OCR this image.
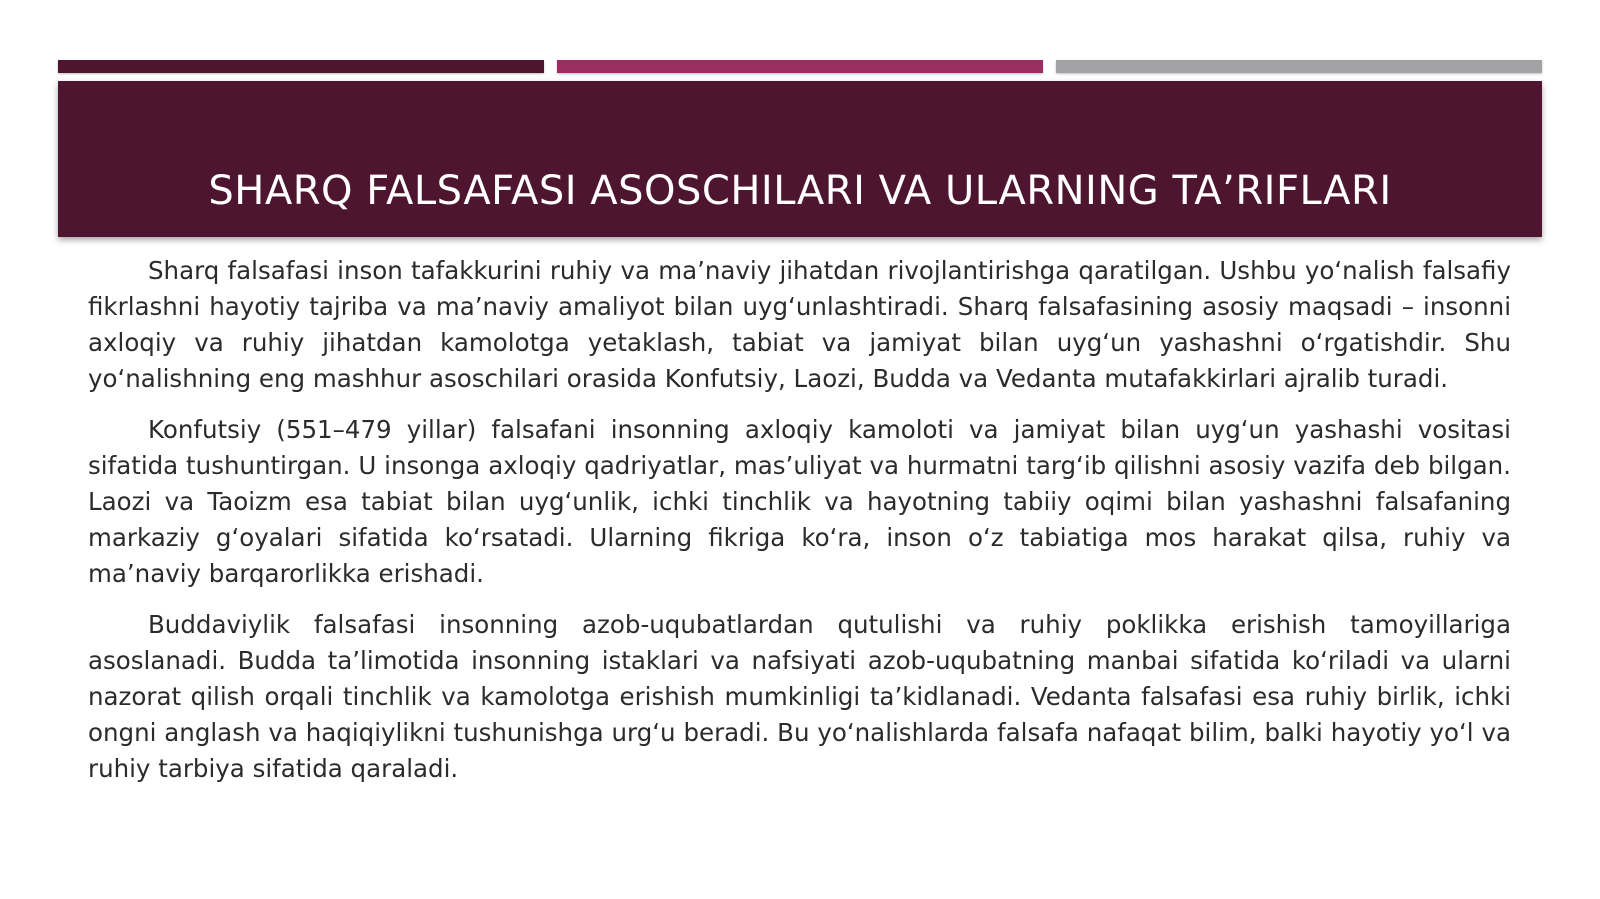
SHARQ FALSAFASI ASOSCHILARI VA ULARNING TA’RIFLARI

Sharq falsafasi inson tafakkurini ruhiy va ma’naviy jihatdan rivojlantirishga qaratilgan. Ushbu yo‘nalish falsafiy fikrlashni hayotiy tajriba va ma’naviy amaliyot bilan uyg‘unlashtiradi. Sharq falsafasining asosiy maqsadi – insonni axloqiy va ruhiy jihatdan kamolotga yetaklash, tabiat va jamiyat bilan uyg‘un yashashni o‘rgatishdir. Shu yo‘nalishning eng mashhur asoschilari orasida Konfutsiy, Laozi, Budda va Vedanta mutafakkirlari ajralib turadi.

Konfutsiy (551–479 yillar) falsafani insonning axloqiy kamoloti va jamiyat bilan uyg‘un yashashi vositasi sifatida tushuntirgan. U insonga axloqiy qadriyatlar, mas’uliyat va hurmatni targ‘ib qilishni asosiy vazifa deb bilgan. Laozi va Taoizm esa tabiat bilan uyg‘unlik, ichki tinchlik va hayotning tabiiy oqimi bilan yashashni falsafaning markaziy g‘oyalari sifatida ko‘rsatadi. Ularning fikriga ko‘ra, inson o‘z tabiatiga mos harakat qilsa, ruhiy va ma’naviy barqarorlikka erishadi.

Buddaviylik falsafasi insonning azob-uqubatlardan qutulishi va ruhiy poklikka erishish tamoyillariga asoslanadi. Budda ta’limotida insonning istaklari va nafsiyati azob-uqubatning manbai sifatida ko‘riladi va ularni nazorat qilish orqali tinchlik va kamolotga erishish mumkinligi ta’kidlanadi. Vedanta falsafasi esa ruhiy birlik, ichki ongni anglash va haqiqiylikni tushunishga urg‘u beradi. Bu yo‘nalishlarda falsafa nafaqat bilim, balki hayotiy yo‘l va ruhiy tarbiya sifatida qaraladi.
